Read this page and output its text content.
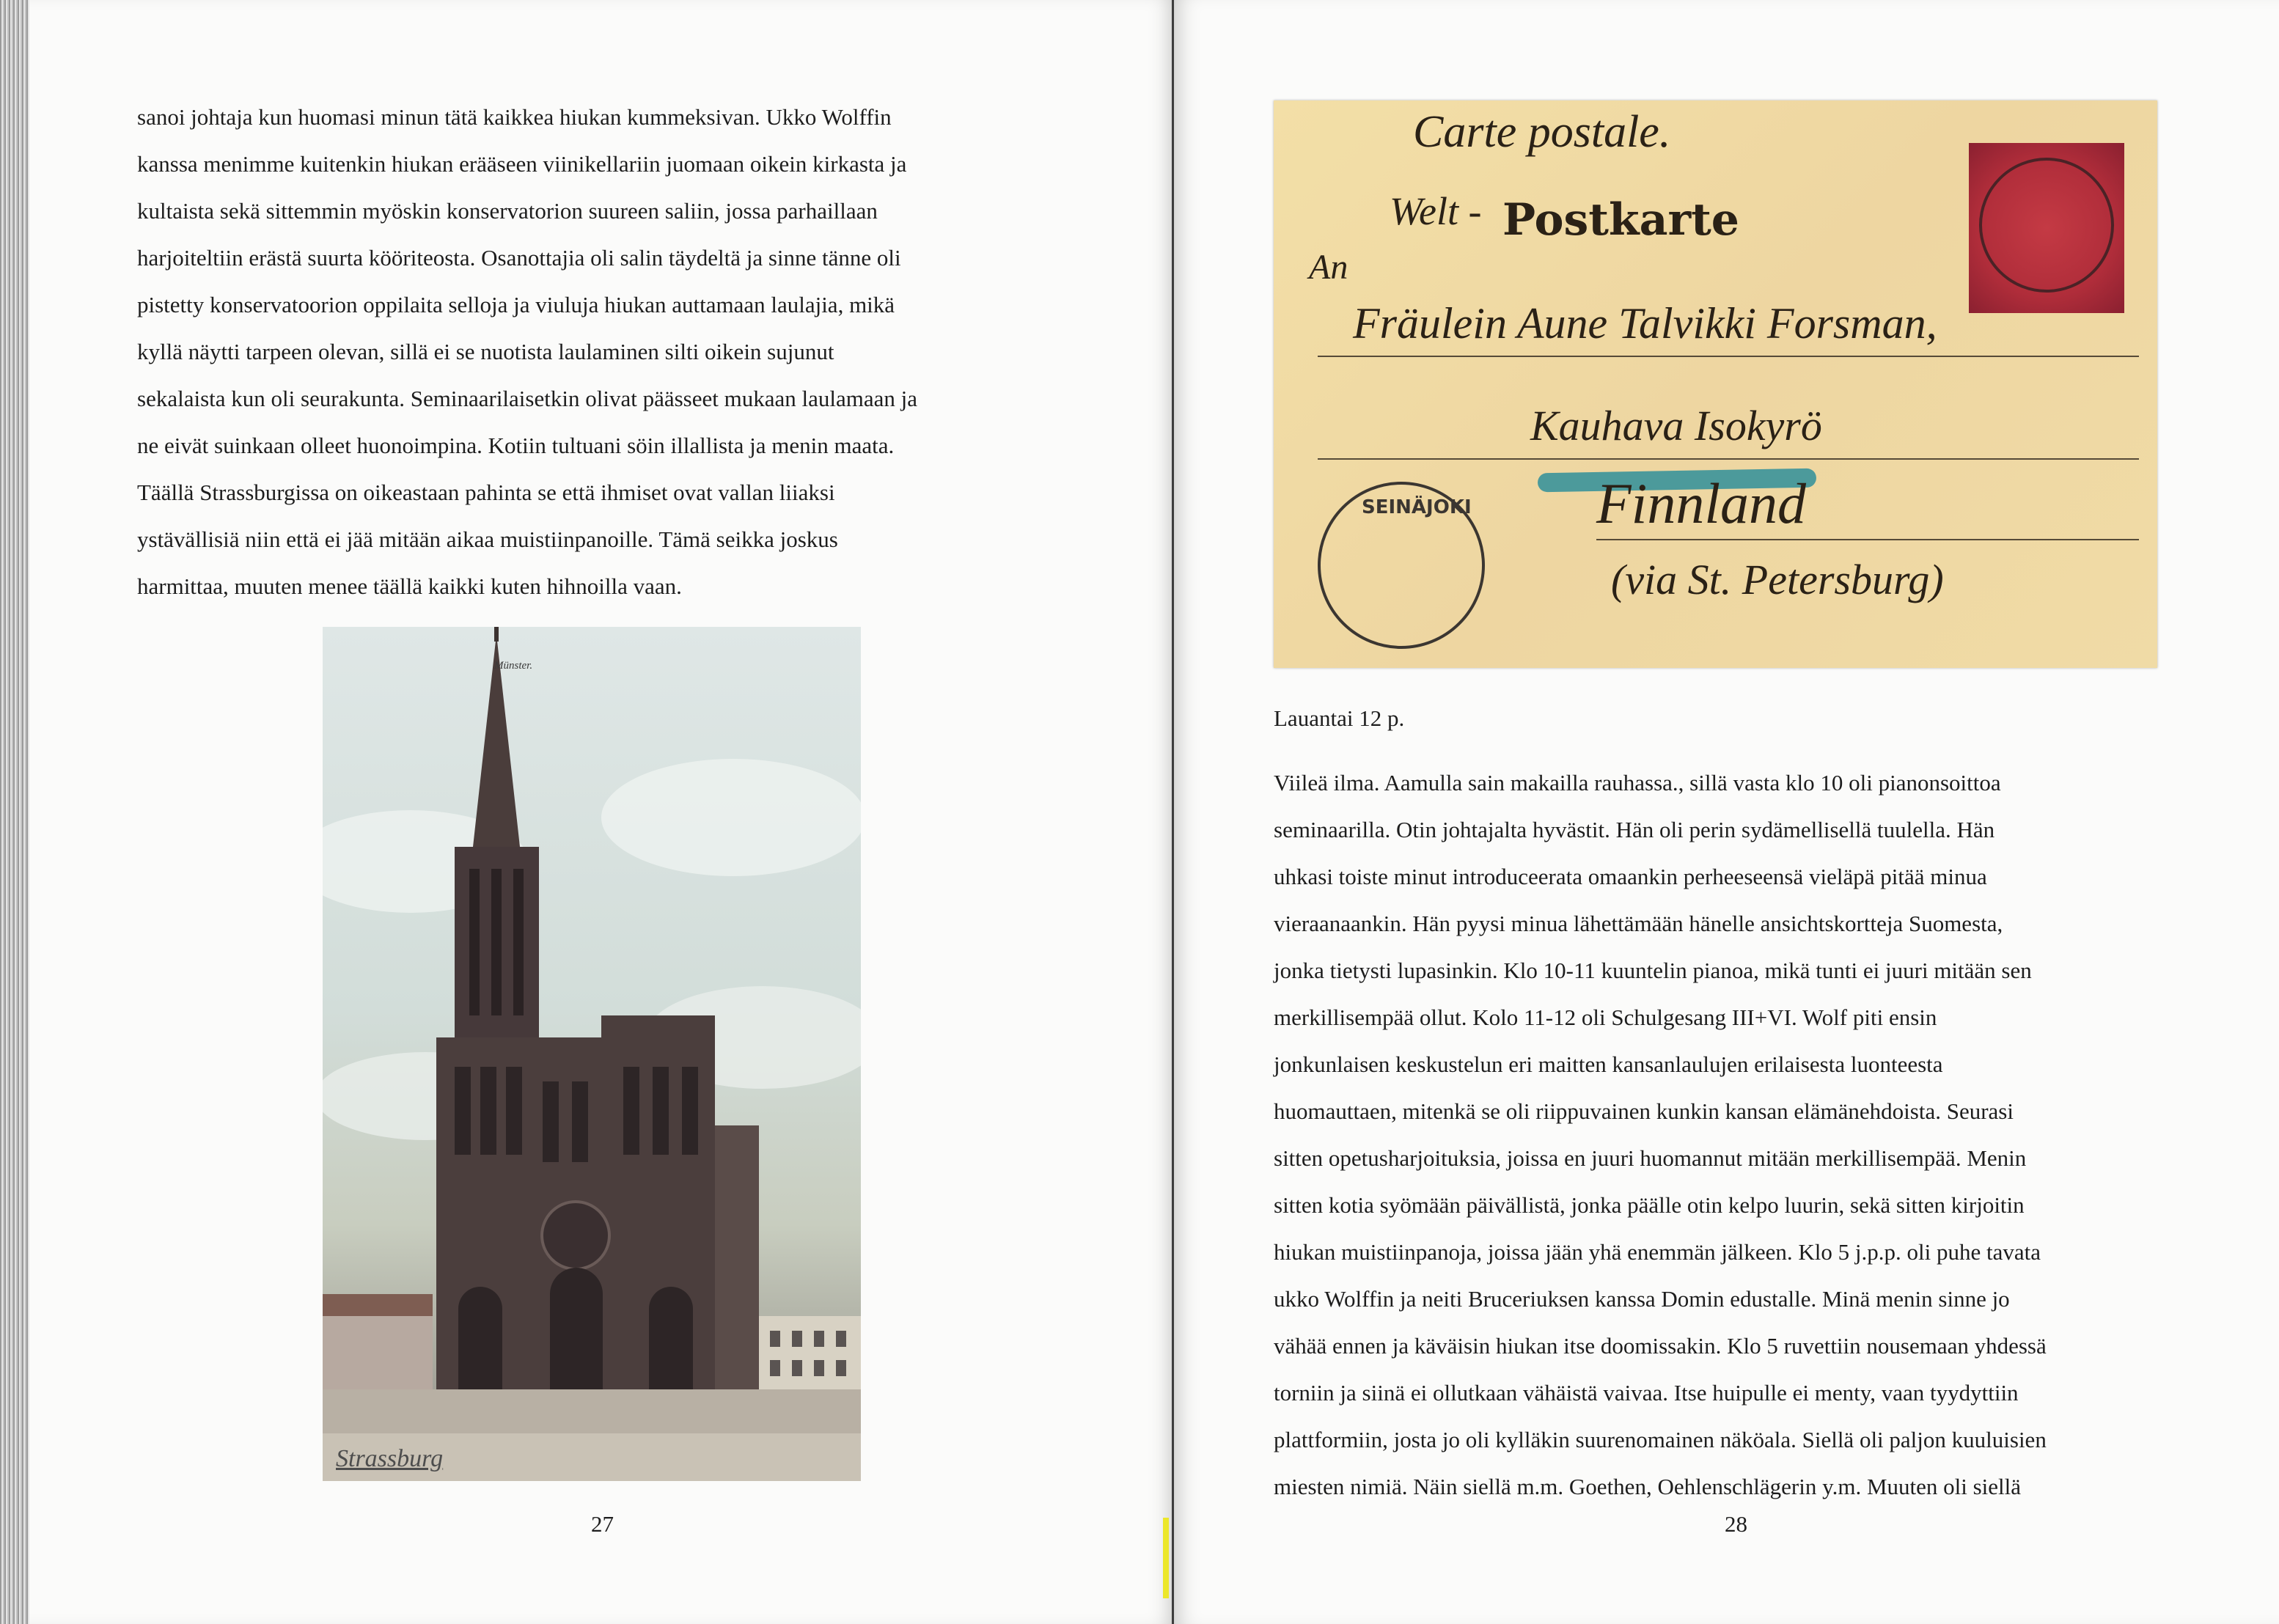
sanoi johtaja kun huomasi minun tätä kaikkea hiukan kummeksivan. Ukko Wolffin
kanssa menimme kuitenkin hiukan erääseen viinikellariin juomaan oikein kirkasta ja
kultaista sekä sittemmin myöskin konservatorion suureen saliin, jossa parhaillaan
harjoiteltiin erästä suurta kööriteosta. Osanottajia oli salin täydeltä ja sinne tänne oli
pistetty konservatoorion oppilaita selloja ja viuluja hiukan auttamaan laulajia, mikä
kyllä näytti tarpeen olevan, sillä ei se nuotista laulaminen silti oikein sujunut
sekalaista kun oli seurakunta. Seminaarilaisetkin olivat päässeet mukaan laulamaan ja
ne eivät suinkaan olleet huonoimpina. Kotiin tultuani söin illallista ja menin maata.
Täällä Strassburgissa on oikeastaan pahinta se että ihmiset ovat vallan liiaksi
ystävällisiä niin että ei jää mitään aikaa muistiinpanoille. Tämä seikka joskus
harmittaa, muuten menee täällä kaikki kuten hihnoilla vaan.
Münster.
Strassburg
27
Carte postale.
Welt - Postkarte
An
Fräulein Aune Talvikki Forsman,
Kauhava Isokyrö
Finnland
(via St. Petersburg)
SEINÄJOKI
Lauantai 12 p.
Viileä ilma. Aamulla sain makailla rauhassa., sillä vasta klo 10 oli pianonsoittoa
seminaarilla. Otin johtajalta hyvästit. Hän oli perin sydämellisellä tuulella. Hän
uhkasi toiste minut introduceerata omaankin perheeseensä vieläpä pitää minua
vieraanaankin. Hän pyysi minua lähettämään hänelle ansichtskortteja Suomesta,
jonka tietysti lupasinkin. Klo 10-11 kuuntelin pianoa, mikä tunti ei juuri mitään sen
merkillisempää ollut. Kolo 11-12 oli Schulgesang III+VI. Wolf piti ensin
jonkunlaisen keskustelun eri maitten kansanlaulujen erilaisesta luonteesta
huomauttaen, mitenkä se oli riippuvainen kunkin kansan elämänehdoista. Seurasi
sitten opetusharjoituksia, joissa en juuri huomannut mitään merkillisempää. Menin
sitten kotia syömään päivällistä, jonka päälle otin kelpo luurin, sekä sitten kirjoitin
hiukan muistiinpanoja, joissa jään yhä enemmän jälkeen. Klo 5 j.p.p. oli puhe tavata
ukko Wolffin ja neiti Bruceriuksen kanssa Domin edustalle. Minä menin sinne jo
vähää ennen ja käväisin hiukan itse doomissakin. Klo 5 ruvettiin nousemaan yhdessä
torniin ja siinä ei ollutkaan vähäistä vaivaa. Itse huipulle ei menty, vaan tyydyttiin
plattformiin, josta jo oli kylläkin suurenomainen näköala. Siellä oli paljon kuuluisien
miesten nimiä. Näin siellä m.m. Goethen, Oehlenschlägerin y.m. Muuten oli siellä
28
